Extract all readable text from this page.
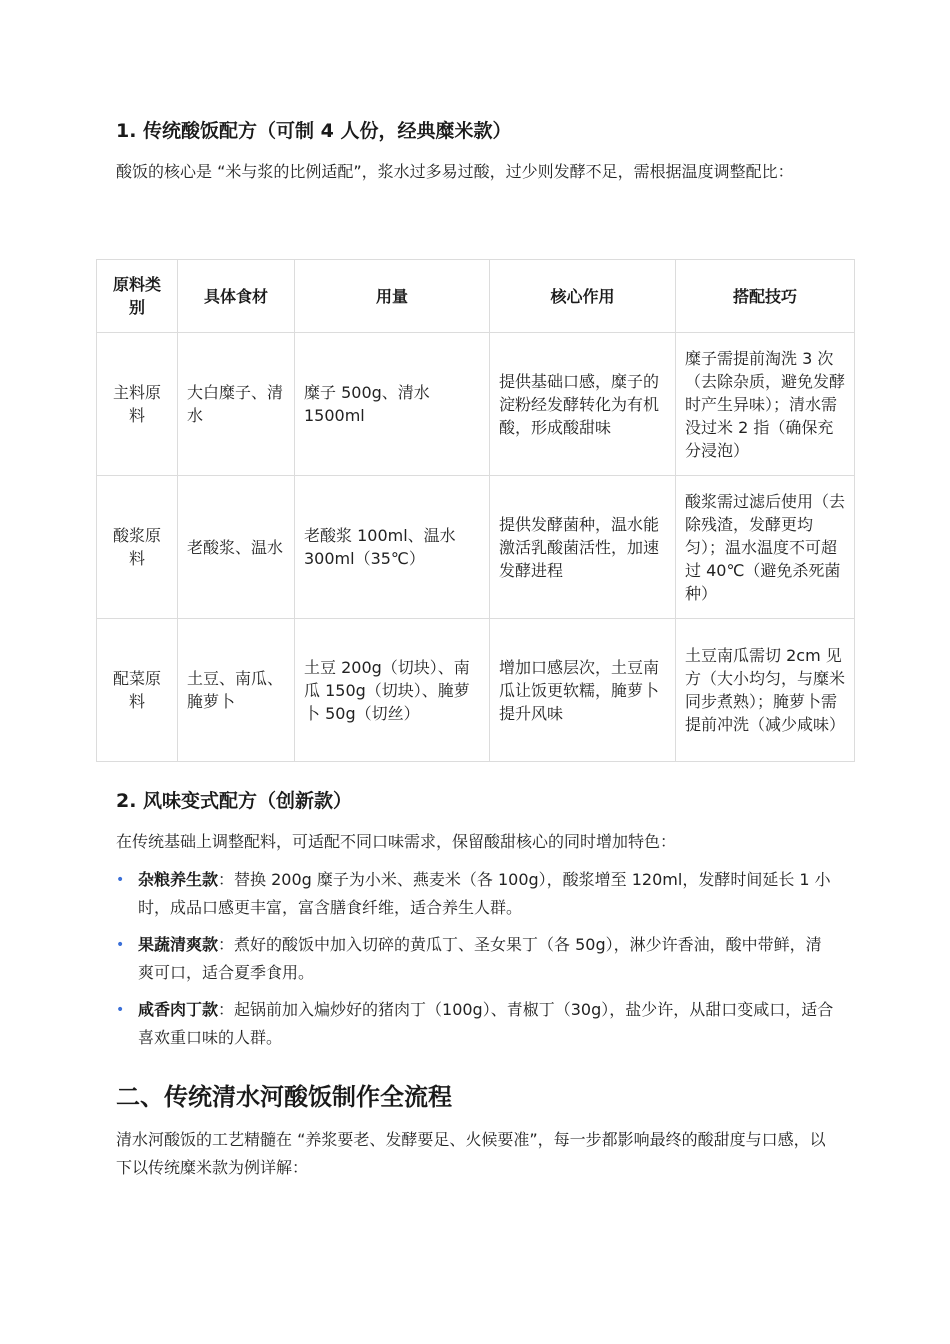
1. 传统酸饭配方（可制 4 人份，经典糜米款）

酸饭的核心是 “米与浆的比例适配”，浆水过多易过酸，过少则发酵不足，需根据温度调整配比：

原料类别	具体食材	用量	核心作用	搭配技巧
主料原料	大白糜子、清水	糜子 500g、清水 1500ml	提供基础口感，糜子的淀粉经发酵转化为有机酸，形成酸甜味	糜子需提前淘洗 3 次（去除杂质，避免发酵时产生异味）；清水需没过米 2 指（确保充分浸泡）
酸浆原料	老酸浆、温水	老酸浆 100ml、温水 300ml（35℃）	提供发酵菌种，温水能激活乳酸菌活性，加速发酵进程	酸浆需过滤后使用（去除残渣，发酵更均匀）；温水温度不可超过 40℃（避免杀死菌种）
配菜原料	土豆、南瓜、腌萝卜	土豆 200g（切块）、南瓜 150g（切块）、腌萝卜 50g（切丝）	增加口感层次，土豆南瓜让饭更软糯，腌萝卜提升风味	土豆南瓜需切 2cm 见方（大小均匀，与糜米同步煮熟）；腌萝卜需提前冲洗（减少咸味）
2. 风味变式配方（创新款）

在传统基础上调整配料，可适配不同口味需求，保留酸甜核心的同时增加特色：

• 杂粮养生款：替换 200g 糜子为小米、燕麦米（各 100g），酸浆增至 120ml，发酵时间延长 1 小时，成品口感更丰富，富含膳食纤维，适合养生人群。
• 果蔬清爽款：煮好的酸饭中加入切碎的黄瓜丁、圣女果丁（各 50g），淋少许香油，酸中带鲜，清爽可口，适合夏季食用。
• 咸香肉丁款：起锅前加入煸炒好的猪肉丁（100g）、青椒丁（30g），盐少许，从甜口变咸口，适合喜欢重口味的人群。
二、传统清水河酸饭制作全流程

清水河酸饭的工艺精髓在 “养浆要老、发酵要足、火候要准”，每一步都影响最终的酸甜度与口感，以下以传统糜米款为例详解：
